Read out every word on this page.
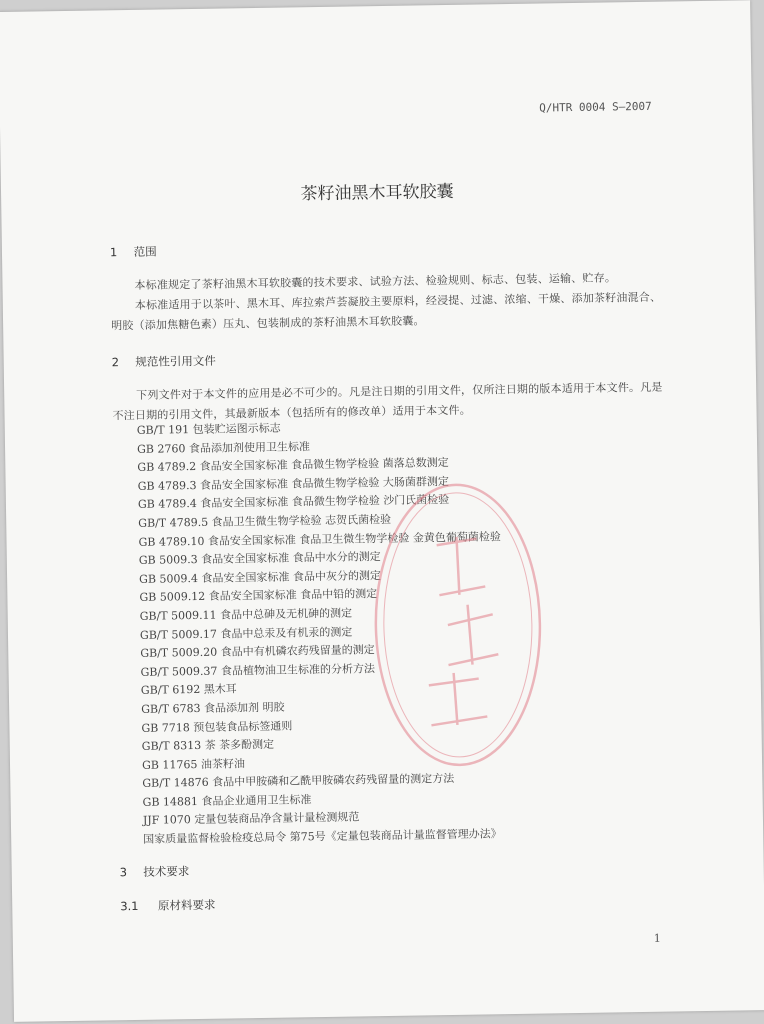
Q/HTR 0004 S—2007
茶籽油黑木耳软胶囊
1 范围
本标准规定了茶籽油黑木耳软胶囊的技术要求、试验方法、检验规则、标志、包装、运输、贮存。
本标准适用于以茶叶、黑木耳、库拉索芦荟凝胶主要原料，经浸提、过滤、浓缩、干燥、添加茶籽油混合、明胶（添加焦糖色素）压丸、包装制成的茶籽油黑木耳软胶囊。
2 规范性引用文件
下列文件对于本文件的应用是必不可少的。凡是注日期的引用文件，仅所注日期的版本适用于本文件。凡是不注日期的引用文件，其最新版本（包括所有的修改单）适用于本文件。
GB/T 191 包装贮运图示标志
GB 2760 食品添加剂使用卫生标准
GB 4789.2 食品安全国家标准 食品微生物学检验 菌落总数测定
GB 4789.3 食品安全国家标准 食品微生物学检验 大肠菌群测定
GB 4789.4 食品安全国家标准 食品微生物学检验 沙门氏菌检验
GB/T 4789.5 食品卫生微生物学检验 志贺氏菌检验
GB 4789.10 食品安全国家标准 食品卫生微生物学检验 金黄色葡萄菌检验
GB 5009.3 食品安全国家标准 食品中水分的测定
GB 5009.4 食品安全国家标准 食品中灰分的测定
GB 5009.12 食品安全国家标准 食品中铅的测定
GB/T 5009.11 食品中总砷及无机砷的测定
GB/T 5009.17 食品中总汞及有机汞的测定
GB/T 5009.20 食品中有机磷农药残留量的测定
GB/T 5009.37 食品植物油卫生标准的分析方法
GB/T 6192 黑木耳
GB/T 6783 食品添加剂 明胶
GB 7718 预包装食品标签通则
GB/T 8313 茶 茶多酚测定
GB 11765 油茶籽油
GB/T 14876 食品中甲胺磷和乙酰甲胺磷农药残留量的测定方法
GB 14881 食品企业通用卫生标准
JJF 1070 定量包装商品净含量计量检测规范
国家质量监督检验检疫总局令 第75号《定量包装商品计量监督管理办法》
3 技术要求
3.1 原材料要求
1
